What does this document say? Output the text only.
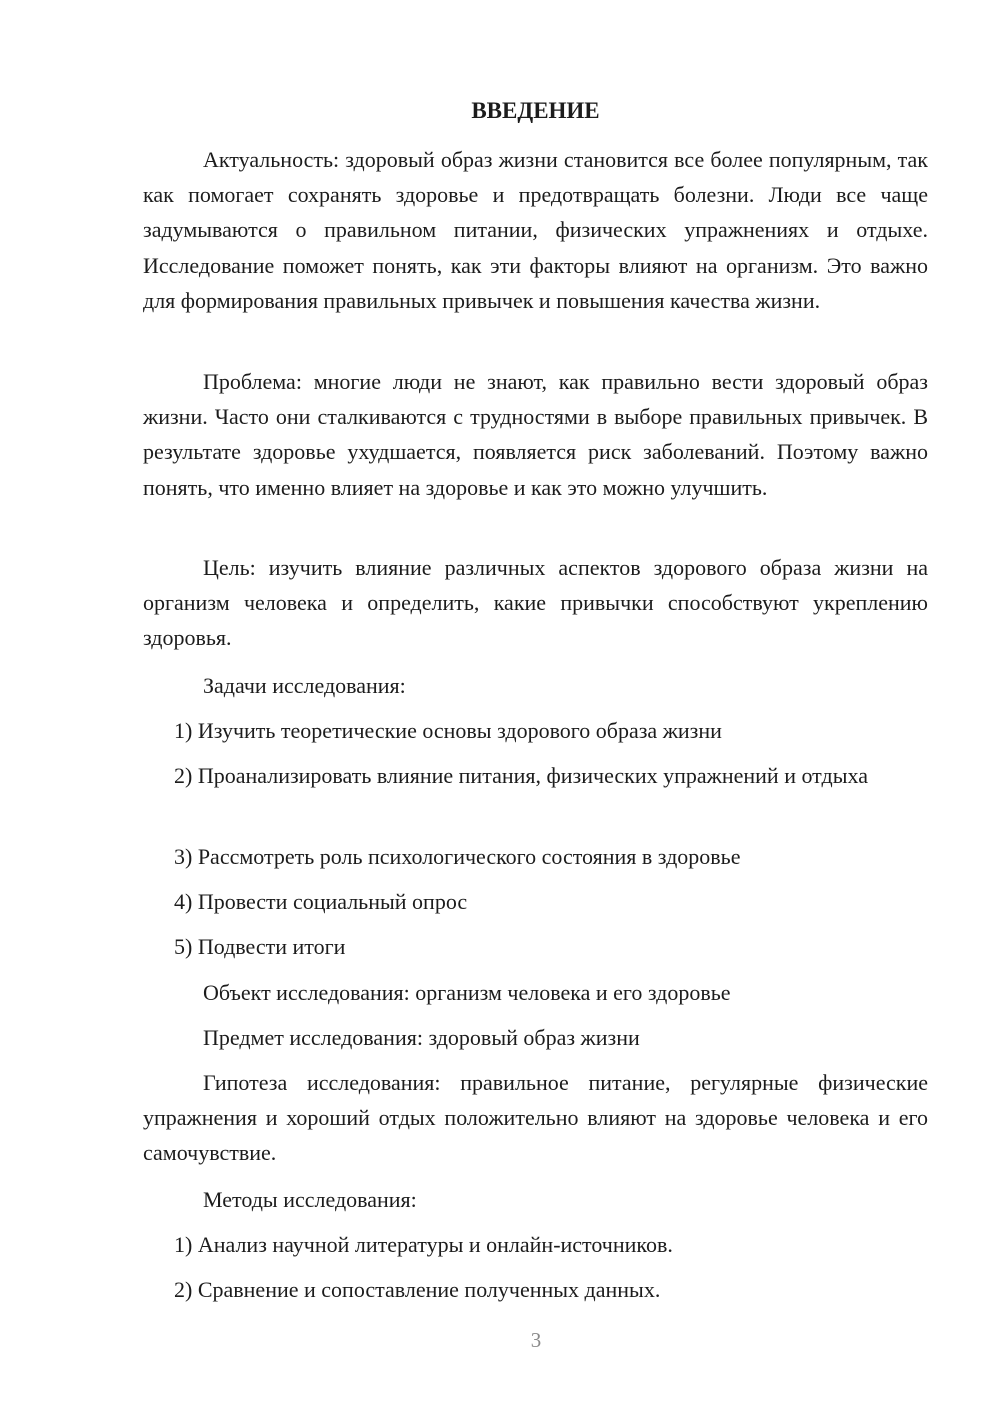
ВВЕДЕНИЕ

Актуальность: здоровый образ жизни становится все более популярным, так как помогает сохранять здоровье и предотвращать болезни. Люди все чаще задумываются о правильном питании, физических упражнениях и отдыхе. Исследование поможет понять, как эти факторы влияют на организм. Это важно для формирования правильных привычек и повышения качества жизни.

Проблема: многие люди не знают, как правильно вести здоровый образ жизни. Часто они сталкиваются с трудностями в выборе правильных привычек. В результате здоровье ухудшается, появляется риск заболеваний. Поэтому важно понять, что именно влияет на здоровье и как это можно улучшить.

Цель: изучить влияние различных аспектов здорового образа жизни на организм человека и определить, какие привычки способствуют укреплению здоровья.

Задачи исследования:

1) Изучить теоретические основы здорового образа жизни

2) Проанализировать влияние питания, физических упражнений и отдыха

3) Рассмотреть роль психологического состояния в здоровье

4) Провести социальный опрос

5) Подвести итоги

Объект исследования: организм человека и его здоровье

Предмет исследования: здоровый образ жизни

Гипотеза исследования: правильное питание, регулярные физические упражнения и хороший отдых положительно влияют на здоровье человека и его самочувствие.

Методы исследования:

1) Анализ научной литературы и онлайн-источников.

2) Сравнение и сопоставление полученных данных.

3
